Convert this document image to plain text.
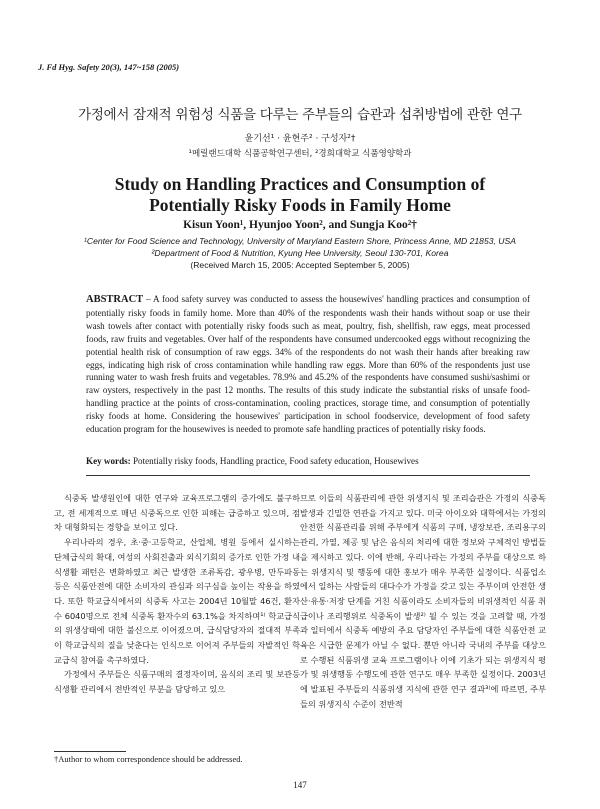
J. Fd Hyg. Safety 20(3), 147~158 (2005)
가정에서 잠재적 위험성 식품을 다루는 주부들의 습관과 섭취방법에 관한 연구
윤기선¹ · 윤현주² · 구성자²†
¹메릴랜드대학 식품공학연구센터, ²경희대학교 식품영양학과
Study on Handling Practices and Consumption of
Potentially Risky Foods in Family Home
Kisun Yoon¹, Hyunjoo Yoon², and Sungja Koo²†
¹Center for Food Science and Technology, University of Maryland Eastern Shore, Princess Anne, MD 21853, USA
²Department of Food & Nutrition, Kyung Hee University, Seoul 130-701, Korea
(Received March 15, 2005: Accepted September 5, 2005)
ABSTRACT – A food safety survey was conducted to assess the housewives' handling practices and consumption of potentially risky foods in family home. More than 40% of the respondents wash their hands without soap or use their wash towels after contact with potentially risky foods such as meat, poultry, fish, shellfish, raw eggs, meat processed foods, raw fruits and vegetables. Over half of the respondents have consumed undercooked eggs without recognizing the potential health risk of consumption of raw eggs. 34% of the respondents do not wash their hands after breaking raw eggs, indicating high risk of cross contamination while handling raw eggs. More than 60% of the respondents just use running water to wash fresh fruits and vegetables. 78.9% and 45.2% of the respondents have consumed sushi/sashimi or raw oysters, respectively in the past 12 months. The results of this study indicate the substantial risks of unsafe food-handling practice at the points of cross-contamination, cooling practices, storage time, and consumption of potentially risky foods at home. Considering the housewives' participation in school foodservice, development of food safety education program for the housewives is needed to promote safe handling practices of potentially risky foods.
Key words: Potentially risky foods, Handling practice, Food safety education, Housewives

식중독 발생원인에 대한 연구와 교육프로그램의 증가에도 불구하고, 전 세계적으로 매년 식중독으로 인한 피해는 급증하고 있으며, 점차 대형화되는 경향을 보이고 있다.

우리나라의 경우, 초·중·고등학교, 산업체, 병원 등에서 실시하는 단체급식의 확대, 여성의 사회진출과 외식기회의 증가로 인한 가정 내 식생활 패턴은 변화하였고 최근 발생한 조류독감, 광우병, 만두파동 등은 식품안전에 대한 소비자의 관심과 의구심을 높이는 작용을 하였다. 또한 학교급식에서의 식중독 사고는 2004년 10월말 46건, 환자수 6040명으로 전체 식중독 환자수의 63.1%을 차지하며¹⁾ 학교급식의 위생상태에 대한 불신으로 이어졌으며, 급식담당자의 절대적 부족이 학교급식의 질을 낮춘다는 인식으로 이어져 주부들의 자발적인 학교급식 참여를 촉구하였다.

가정에서 주부들은 식품구매의 결정자이며, 음식의 조리 및 보관등 식생활 관리에서 전반적인 부분을 담당하고 있으

므로 이들의 식품관리에 관한 위생지식 및 조리습관은 가정의 식중독 발생과 긴밀한 연관을 가지고 있다. 미국 아이오와 대학에서는 가정의 안전한 식품관리를 위해 주부에게 식품의 구매, 냉장보관, 조리용구의 관리, 가열, 제공 및 남은 음식의 처리에 대한 정보와 구체적인 방법들을 제시하고 있다. 이에 반해, 우리나라는 가정의 주부를 대상으로 하는 위생지식 및 행동에 대한 홍보가 매우 부족한 실정이다. 식품업소에서 일하는 사람들의 대다수가 가정을 갖고 있는 주부이며 안전한 생산·유통·저장 단계를 거친 식품이라도 소비자들의 비위생적인 식품 취급이나 조리행위로 식중독이 발생²⁾ 될 수 있는 것을 고려할 때, 가정과 일터에서 식중독 예방의 주요 담당자인 주부들에 대한 식품안전 교육은 시급한 문제가 아닐 수 없다. 뿐만 아니라 국내의 주부를 대상으로 수행된 식품위생 교육 프로그램이나 이에 기초가 되는 위생지식 평가 및 위생행동 수행도에 관한 연구도 매우 부족한 실정이다. 2003년에 발표된 주부들의 식품위생 지식에 관한 연구 결과³⁾에 따르면, 주부들의 위생지식 수준이 전반적

†Author to whom correspondence should be addressed.
147
